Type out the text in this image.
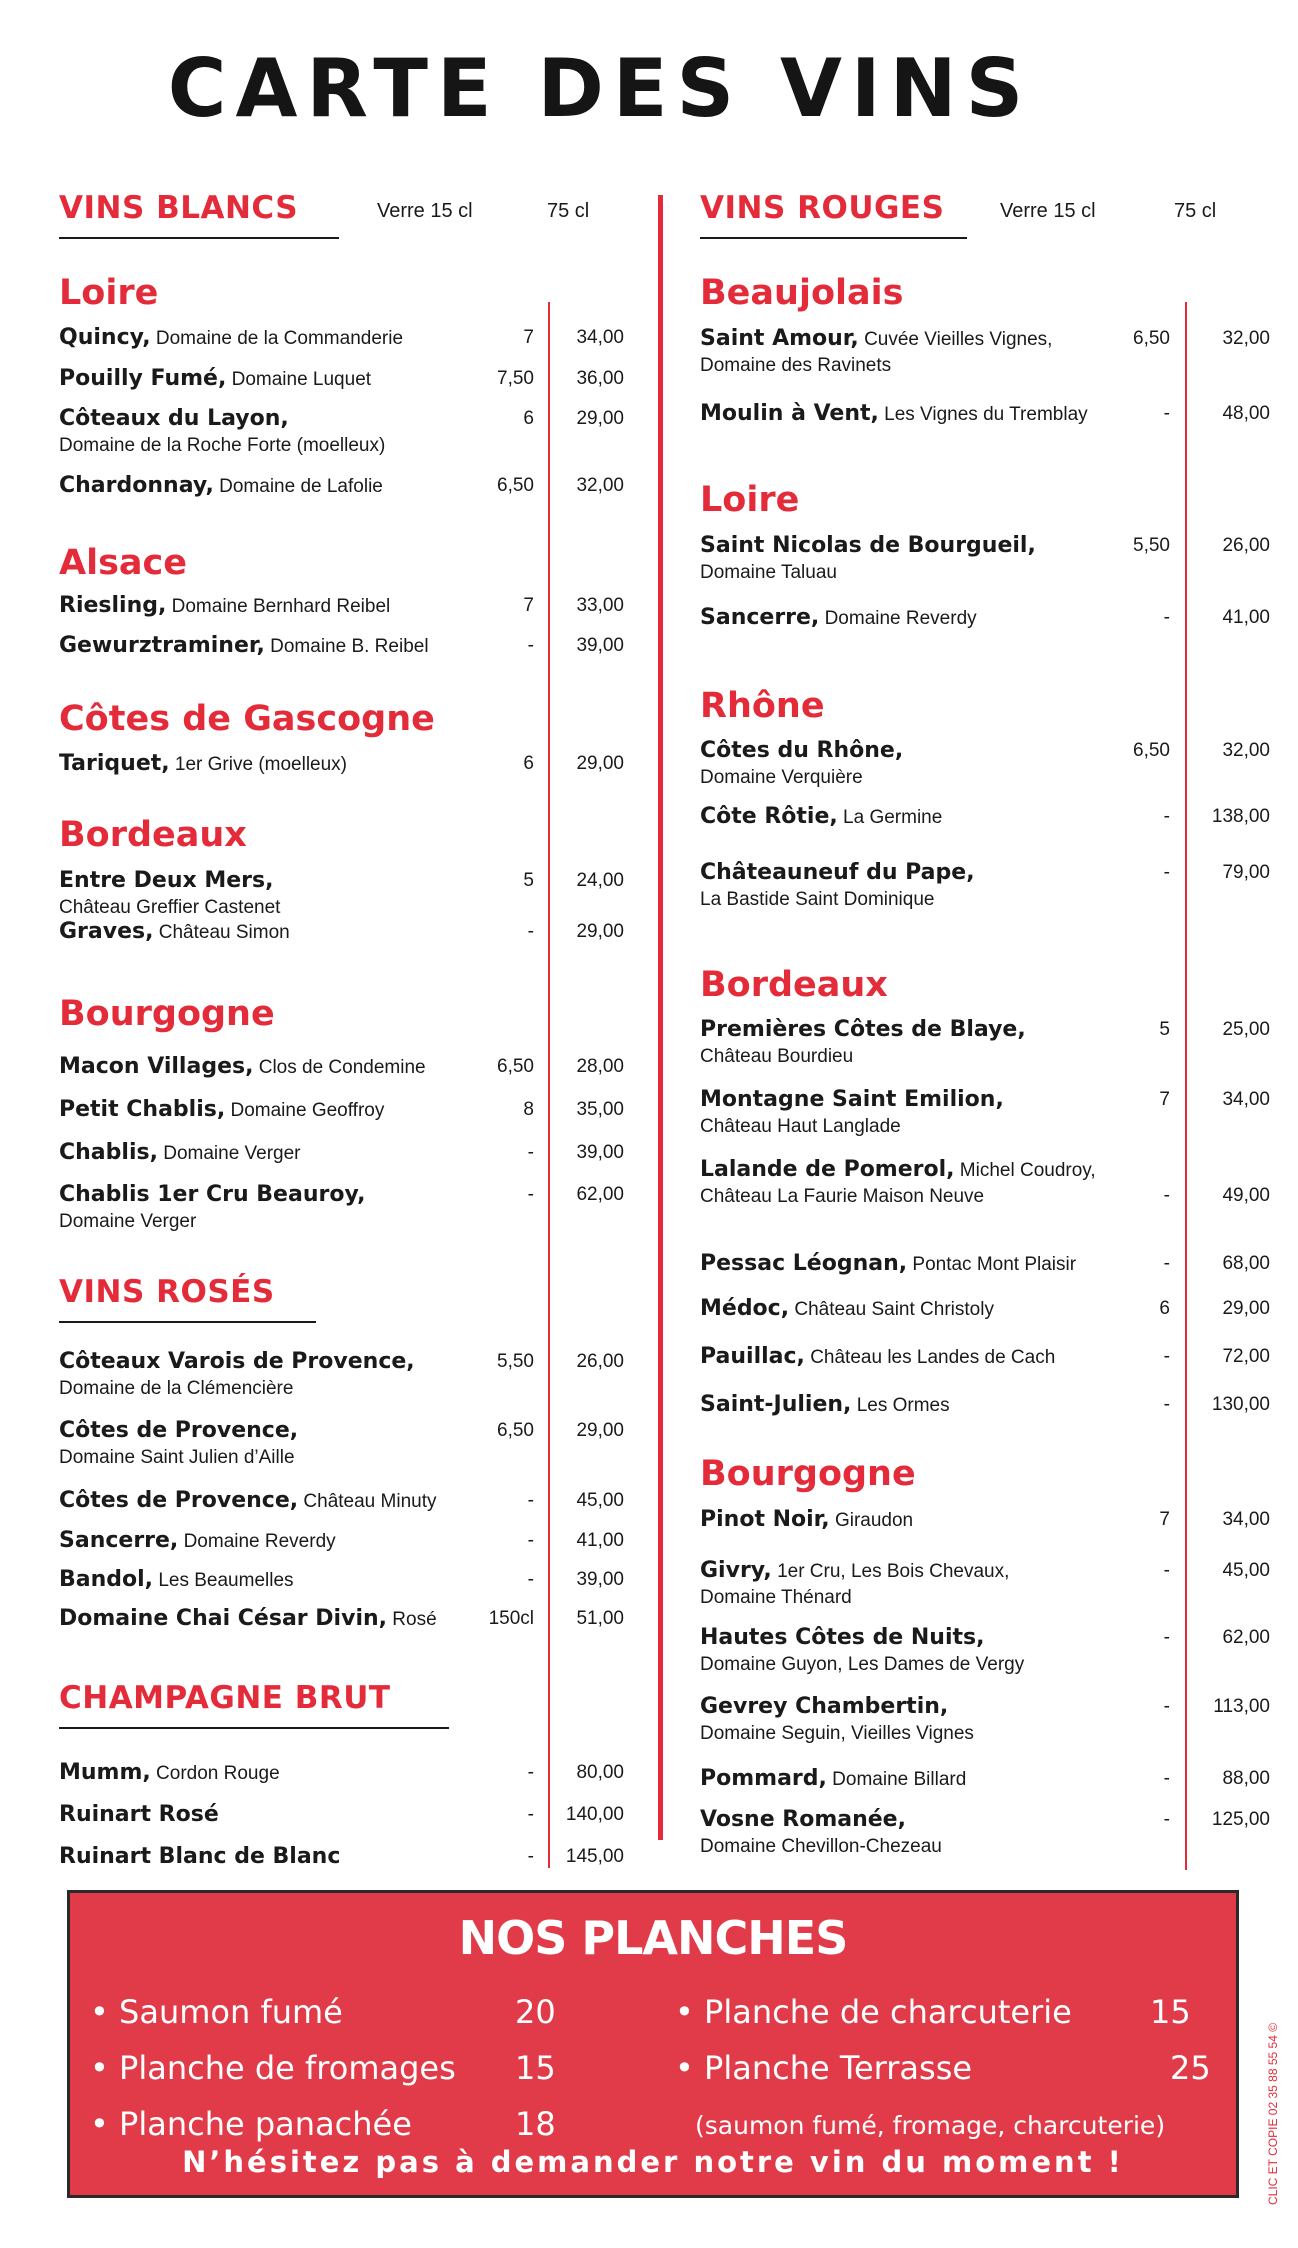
CARTE DES VINS
VINS BLANCS	Verre 15 cl	75 cl
Loire
Quincy, Domaine de la Commanderie	7	34,00
Pouilly Fumé, Domaine Luquet	7,50	36,00
Côteaux du Layon,
Domaine de la Roche Forte (moelleux)
6	29,00
Chardonnay, Domaine de Lafolie	6,50	32,00
Alsace
Riesling, Domaine Bernhard Reibel	7	33,00
Gewurztraminer, Domaine B. Reibel	-	39,00
Côtes de Gascogne
Tariquet, 1er Grive (moelleux)	6	29,00
Bordeaux
Entre Deux Mers,
Château Greffier Castenet
5	24,00
Graves, Château Simon	-	29,00
Bourgogne
Macon Villages, Clos de Condemine	6,50	28,00
Petit Chablis, Domaine Geoffroy	8	35,00
Chablis, Domaine Verger	-	39,00
Chablis 1er Cru Beauroy,
Domaine Verger
-	62,00
VINS ROSÉS
Côteaux Varois de Provence,
Domaine de la Clémencière
5,50	26,00
Côtes de Provence,
Domaine Saint Julien d’Aille
6,50	29,00
Côtes de Provence, Château Minuty	-	45,00
Sancerre, Domaine Reverdy	-	41,00
Bandol, Les Beaumelles	-	39,00
Domaine Chai César Divin, Rosé	150cl	51,00
CHAMPAGNE BRUT
Mumm, Cordon Rouge	-	80,00
Ruinart Rosé	-	140,00
Ruinart Blanc de Blanc	-	145,00
VINS ROUGES	Verre 15 cl	75 cl
Beaujolais
Saint Amour, Cuvée Vieilles Vignes,
Domaine des Ravinets
6,50	32,00
Moulin à Vent, Les Vignes du Tremblay	-	48,00
Loire
Saint Nicolas de Bourgueil,
Domaine Taluau
5,50	26,00
Sancerre, Domaine Reverdy	-	41,00
Rhône
Côtes du Rhône,
Domaine Verquière
6,50	32,00
Côte Rôtie, La Germine	-	138,00
Châteauneuf du Pape,
La Bastide Saint Dominique
-	79,00
Bordeaux
Premières Côtes de Blaye,
Château Bourdieu
5	25,00
Montagne Saint Emilion,
Château Haut Langlade
7	34,00
Lalande de Pomerol, Michel Coudroy,
Château La Faurie Maison Neuve	-	49,00
Pessac Léognan, Pontac Mont Plaisir	-	68,00
Médoc, Château Saint Christoly	6	29,00
Pauillac, Château les Landes de Cach	-	72,00
Saint-Julien, Les Ormes	-	130,00
Bourgogne
Pinot Noir, Giraudon	7	34,00
Givry, 1er Cru, Les Bois Chevaux,
Domaine Thénard
-	45,00
Hautes Côtes de Nuits,
Domaine Guyon, Les Dames de Vergy
-	62,00
Gevrey Chambertin,
Domaine Seguin, Vieilles Vignes
-	113,00
Pommard, Domaine Billard	-	88,00
Vosne Romanée,
Domaine Chevillon-Chezeau
-	125,00
NOS PLANCHES
• Saumon fumé	20
• Planche de fromages 15
• Planche panachée	18
• Planche de charcuterie 15
• Planche Terrasse	25
(saumon fumé, fromage, charcuterie)
N’hésitez pas à demander notre vin du moment !	CLIC ET COPIE 02 35 88 55 54 ©
